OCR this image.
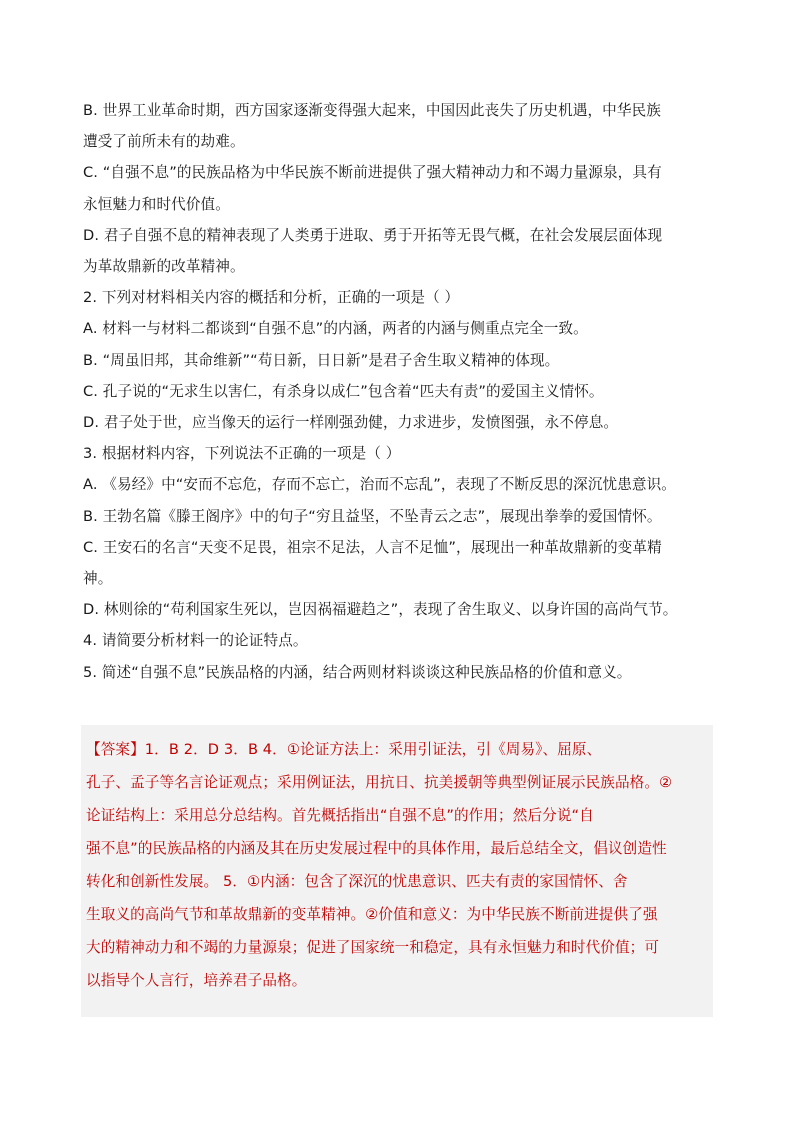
B. 世界工业革命时期，西方国家逐渐变得强大起来，中国因此丧失了历史机遇，中华民族
遭受了前所未有的劫难。
C. “自强不息”的民族品格为中华民族不断前进提供了强大精神动力和不竭力量源泉，具有
永恒魅力和时代价值。
D. 君子自强不息的精神表现了人类勇于进取、勇于开拓等无畏气概，在社会发展层面体现
为革故鼎新的改革精神。
2. 下列对材料相关内容的概括和分析，正确的一项是（ ）
A. 材料一与材料二都谈到“自强不息”的内涵，两者的内涵与侧重点完全一致。
B. “周虽旧邦，其命维新”“苟日新，日日新”是君子舍生取义精神的体现。
C. 孔子说的“无求生以害仁，有杀身以成仁”包含着“匹夫有责”的爱国主义情怀。
D. 君子处于世，应当像天的运行一样刚强劲健，力求进步，发愤图强，永不停息。
3. 根据材料内容，下列说法不正确的一项是（ ）
A. 《易经》中“安而不忘危，存而不忘亡，治而不忘乱”，表现了不断反思的深沉忧患意识。
B. 王勃名篇《滕王阁序》中的句子“穷且益坚，不坠青云之志”，展现出拳拳的爱国情怀。
C. 王安石的名言“天变不足畏，祖宗不足法，人言不足恤”，展现出一种革故鼎新的变革精
神。
D. 林则徐的“苟利国家生死以，岂因祸福避趋之”，表现了舍生取义、以身许国的高尚气节。
4. 请简要分析材料一的论证特点。
5. 简述“自强不息”民族品格的内涵，结合两则材料谈谈这种民族品格的价值和意义。
【答案】1．B 2．D 3．B 4．①论证方法上：采用引证法，引《周易》、屈原、
孔子、孟子等名言论证观点；采用例证法，用抗日、抗美援朝等典型例证展示民族品格。②
论证结构上：采用总分总结构。首先概括指出“自强不息”的作用；然后分说“自
强不息”的民族品格的内涵及其在历史发展过程中的具体作用，最后总结全文，倡议创造性
转化和创新性发展。 5．①内涵：包含了深沉的忧患意识、匹夫有责的家国情怀、舍
生取义的高尚气节和革故鼎新的变革精神。②价值和意义：为中华民族不断前进提供了强
大的精神动力和不竭的力量源泉；促进了国家统一和稳定，具有永恒魅力和时代价值；可
以指导个人言行，培养君子品格。
